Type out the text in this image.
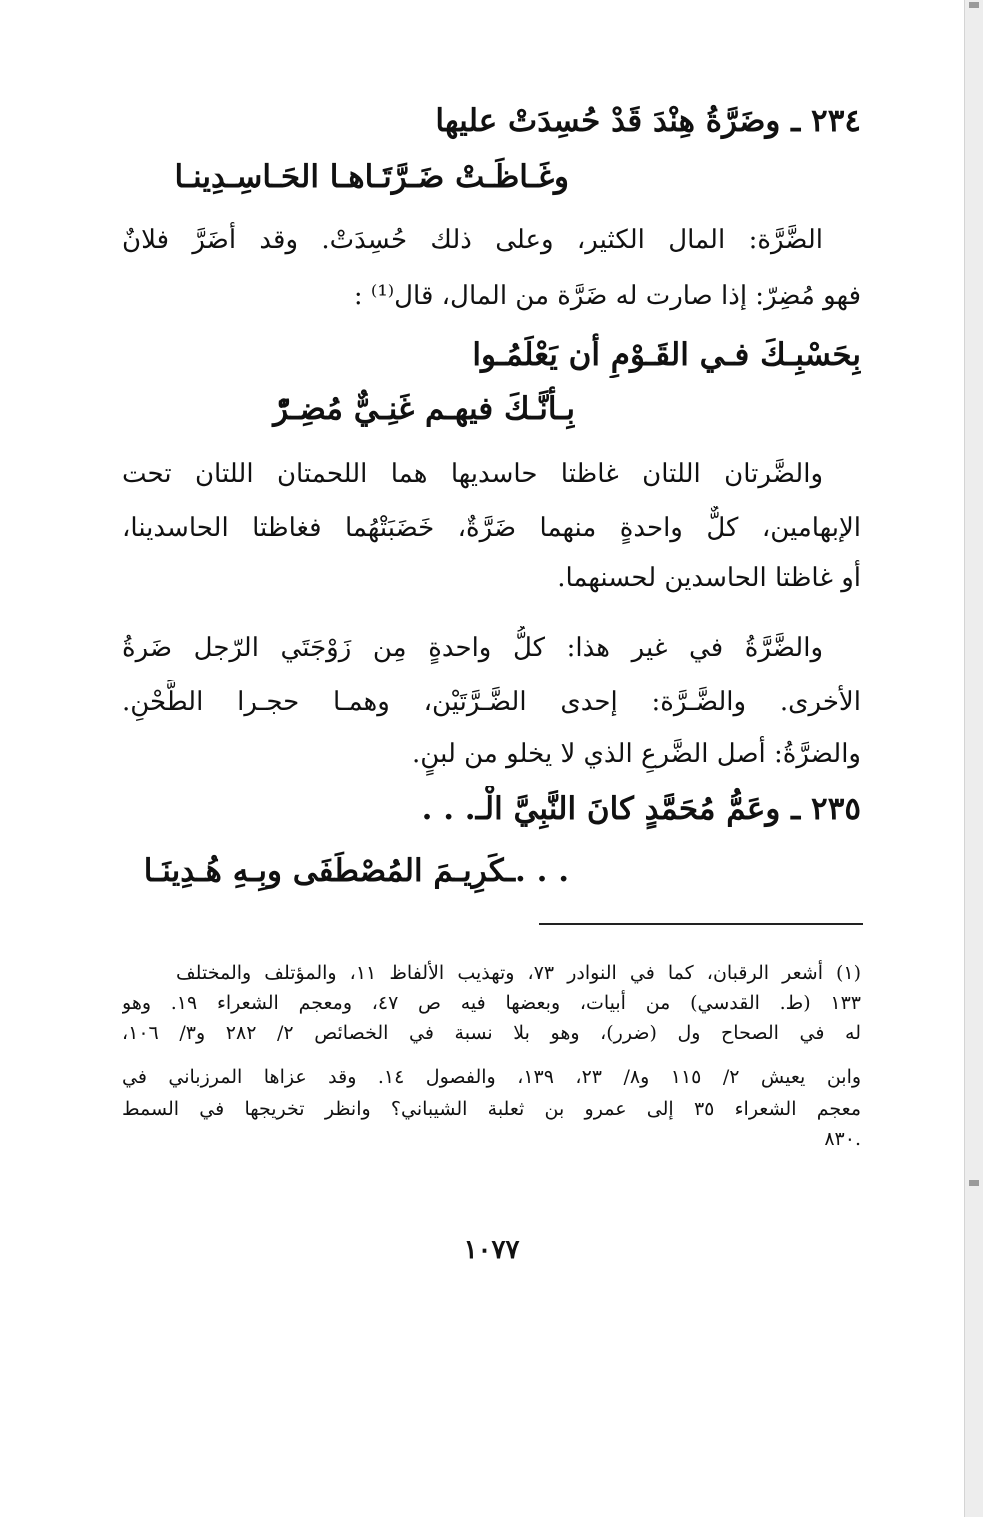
٢٣٤ ـ وضَرَّةُ هِنْدَ قَدْ حُسِدَتْ عليها
وغَـاظَـتْ ضَـرَّتَـاهـا الحَـاسِـدِينـا
الضَّرَّة: المال الكثير، وعلى ذلك حُسِدَتْ. وقد أضَرَّ فلانٌ
فهو مُضِرّ: إذا صارت له ضَرَّة من المال، قال⁽¹⁾ :
بِحَسْبِـكَ فـي القَـوْمِ أن يَعْلَمُـوا
بِـأنَّـكَ فيهـم غَنِـيٌّ مُضِـرّْ
والضَّرتان اللتان غاظتا حاسديها هما اللحمتان اللتان تحت
الإبهامين، كلٌّ واحدةٍ منهما ضَرَّةٌ، خَضَبَتْهُما فغاظتا الحاسدينا،
أو غاظتا الحاسدين لحسنهما.
والضَّرَّةُ في غير هذا: كلُّ واحدةٍ مِن زَوْجَتَي الرّجل ضَرةُ
الأخرى. والضَّـرَّة: إحدى الضَّـرَّتَيْن، وهمـا حجـرا الطَّحْنِ.
والضرَّةُ: أصل الضَّرعِ الذي لا يخلو من لبنٍ.
٢٣٥ ـ وعَمُّ مُحَمَّدٍ كانَ النَّبِيَّ الْـ. . .
. . .ـكَرِيـمَ المُصْطَفَى وبِـهِ هُـدِينَـا
(١)
أشعر الرقبان، كما في النوادر ٧٣، وتهذيب الألفاظ ١١، والمؤتلف والمختلف
١٣٣ (ط. القدسي) من أبيات، وبعضها فيه ص ٤٧، ومعجم الشعراء ١٩. وهو
له في الصحاح ول (ضرر)، وهو بلا نسبة في الخصائص ٢/ ٢٨٢ و٣/ ١٠٦،
وابن يعيش ٢/ ١١٥ و٨/ ٢٣، ١٣٩، والفصول ١٤. وقد عزاها المرزباني في
معجم الشعراء ٣٥ إلى عمرو بن ثعلبة الشيباني؟ وانظر تخريجها في السمط
.٨٣٠
١٠٧٧
